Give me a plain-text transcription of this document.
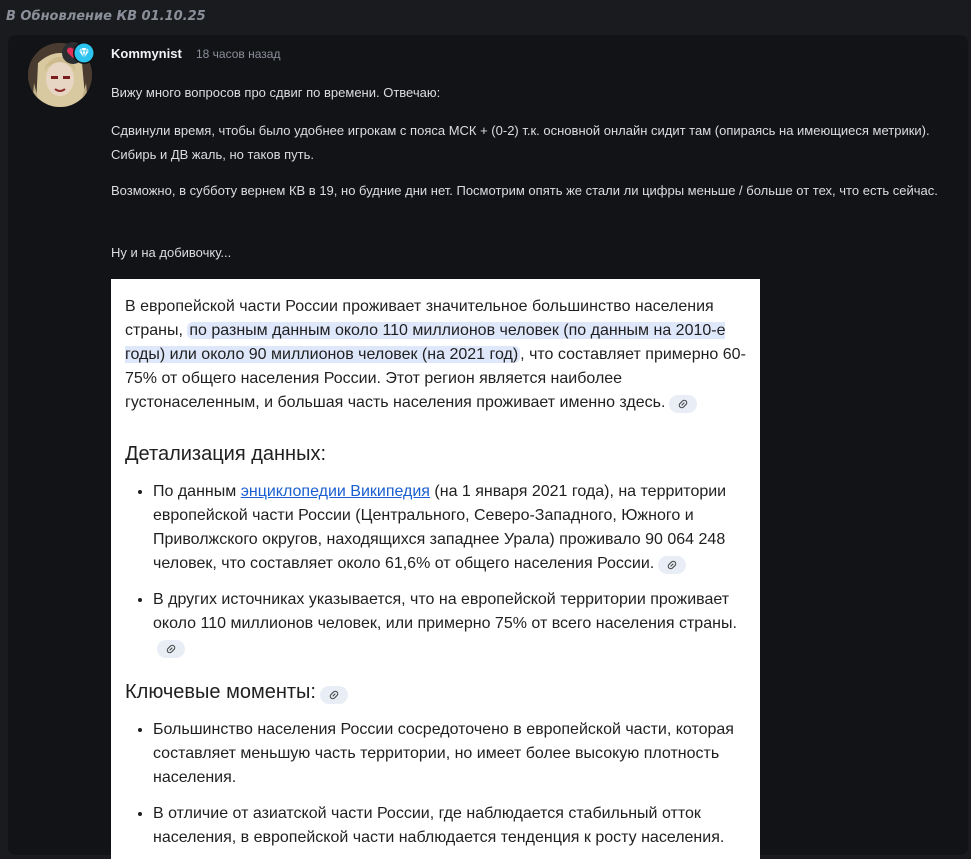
В Обновление КВ 01.10.25
Kommynist 18 часов назад
Вижу много вопросов про сдвиг по времени. Отвечаю:
Сдвинули время, чтобы было удобнее игрокам с пояса МСК + (0-2) т.к. основной онлайн сидит там (опираясь на имеющиеся метрики). Сибирь и ДВ жаль, но таков путь.
Возможно, в субботу вернем КВ в 19, но будние дни нет. Посмотрим опять же стали ли цифры меньше / больше от тех, что есть сейчас.
Ну и на добивочку...

В европейской части России проживает значительное большинство населения страны, по разным данным около 110 миллионов человек (по данным на 2010-е годы) или около 90 миллионов человек (на 2021 год) , что составляет примерно 60-75% от общего населения России. Этот регион является наиболее густонаселенным, и большая часть населения проживает именно здесь.

Детализация данных:
• По данным энциклопедии Википедия (на 1 января 2021 года), на территории европейской части России (Центрального, Северо-Западного, Южного и Приволжского округов, находящихся западнее Урала) проживало 90 064 248 человек, что составляет около 61,6% от общего населения России.
• В других источниках указывается, что на европейской территории проживает около 110 миллионов человек, или примерно 75% от всего населения страны.
Ключевые моменты:
• Большинство населения России сосредоточено в европейской части, которая составляет меньшую часть территории, но имеет более высокую плотность населения.
• В отличие от азиатской части России, где наблюдается стабильный отток населения, в европейской части наблюдается тенденция к росту населения.
